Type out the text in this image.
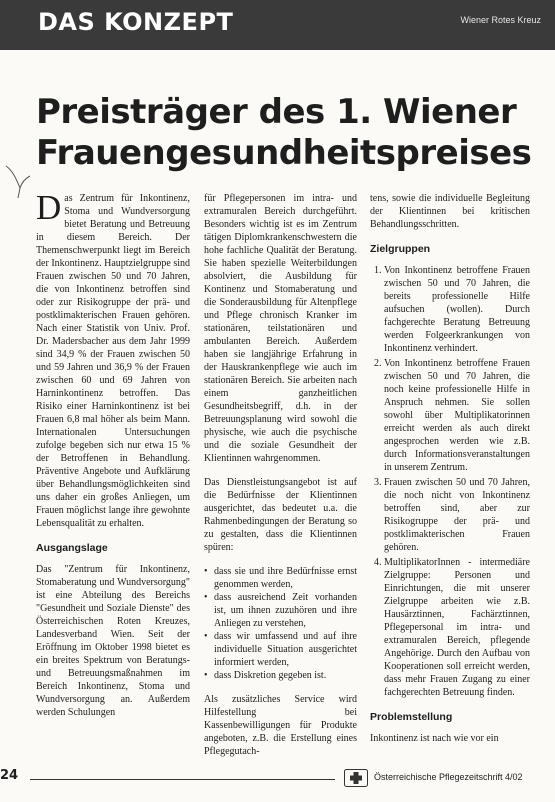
DAS KONZEPT	Wiener Rotes Kreuz
Preisträger des 1. Wiener
Frauengesundheitspreises

Das Zentrum für Inkontinenz, Stoma und Wundversorgung bietet Beratung und Betreuung in diesem Bereich. Der Themenschwerpunkt liegt im Bereich der Inkontinenz. Hauptzielgruppe sind Frauen zwischen 50 und 70 Jahren, die von Inkontinenz betroffen sind oder zur Risikogruppe der prä- und postklimakterischen Frauen gehören. Nach einer Statistik von Univ. Prof. Dr. Madersbacher aus dem Jahr 1999 sind 34,9 % der Frauen zwischen 50 und 59 Jahren und 36,9 % der Frauen zwischen 60 und 69 Jahren von Harninkontinenz betroffen. Das Risiko einer Harninkontinenz ist bei Frauen 6,8 mal höher als beim Mann. Internationalen Untersuchungen zufolge begeben sich nur etwa 15 % der Betroffenen in Behandlung. Präventive Angebote und Aufklärung über Behandlungsmöglichkeiten sind uns daher ein großes Anliegen, um Frauen möglichst lange ihre gewohnte Lebensqualität zu erhalten.

Ausgangslage

Das "Zentrum für Inkontinenz, Stomaberatung und Wundversorgung" ist eine Abteilung des Bereichs "Gesundheit und Soziale Dienste" des Österreichischen Roten Kreuzes, Landesverband Wien. Seit der Eröffnung im Oktober 1998 bietet es ein breites Spektrum von Beratungs- und Betreuungsmaßnahmen im Bereich Inkontinenz, Stoma und Wundversorgung an. Außerdem werden Schulungen

für Pflegepersonen im intra- und extramuralen Bereich durchgeführt. Besonders wichtig ist es im Zentrum tätigen Diplomkrankenschwestern die hohe fachliche Qualität der Beratung. Sie haben spezielle Weiterbildungen absolviert, die Ausbildung für Kontinenz und Stomaberatung und die Sonderausbildung für Altenpflege und Pflege chronisch Kranker im stationären, teilstationären und ambulanten Bereich. Außerdem haben sie langjährige Erfahrung in der Hauskrankenpflege wie auch im stationären Bereich. Sie arbeiten nach einem ganzheitlichen Gesundheitsbegriff, d.h. in der Betreuungsplanung wird sowohl die physische, wie auch die psychische und die soziale Gesundheit der Klientinnen wahrgenommen.

Das Dienstleistungsangebot ist auf die Bedürfnisse der Klientinnen ausgerichtet, das bedeutet u.a. die Rahmenbedingungen der Beratung so zu gestalten, dass die Klientinnen spüren:

• dass sie und ihre Bedürfnisse ernst genommen werden,
• dass ausreichend Zeit vorhanden ist, um ihnen zuzuhören und ihre Anliegen zu verstehen,
• dass wir umfassend und auf ihre individuelle Situation ausgerichtet informiert werden,
• dass Diskretion gegeben ist.

Als zusätzliches Service wird Hilfestellung bei Kassenbewilligungen für Produkte angeboten, z.B. die Erstellung eines Pflegegutach-

tens, sowie die individuelle Begleitung der Klientinnen bei kritischen Behandlungsschritten.

Zielgruppen
1. Von Inkontinenz betroffene Frauen zwischen 50 und 70 Jahren, die bereits professionelle Hilfe aufsuchen (wollen). Durch fachgerechte Beratung Betreuung werden Folgeerkrankungen von Inkontinenz verhindert.
2. Von Inkontinenz betroffene Frauen zwischen 50 und 70 Jahren, die noch keine professionelle Hilfe in Anspruch nehmen. Sie sollen sowohl über Multiplikatorinnen erreicht werden als auch direkt angesprochen werden wie z.B. durch Informationsveranstaltungen in unserem Zentrum.
3. Frauen zwischen 50 und 70 Jahren, die noch nicht von Inkontinenz betroffen sind, aber zur Risikogruppe der prä- und postklimakterischen Frauen gehören.
4. MultiplikatorInnen - intermediäre Zielgruppe: Personen und Einrichtungen, die mit unserer Zielgruppe arbeiten wie z.B. Hausärztinnen, Fachärztinnen, Pflegepersonal im intra- und extramuralen Bereich, pflegende Angehörige. Durch den Aufbau von Kooperationen soll erreicht werden, dass mehr Frauen Zugang zu einer fachgerechten Betreuung finden.
Problemstellung

Inkontinenz ist nach wie vor ein

24	Österreichische Pflegezeitschrift 4/02
